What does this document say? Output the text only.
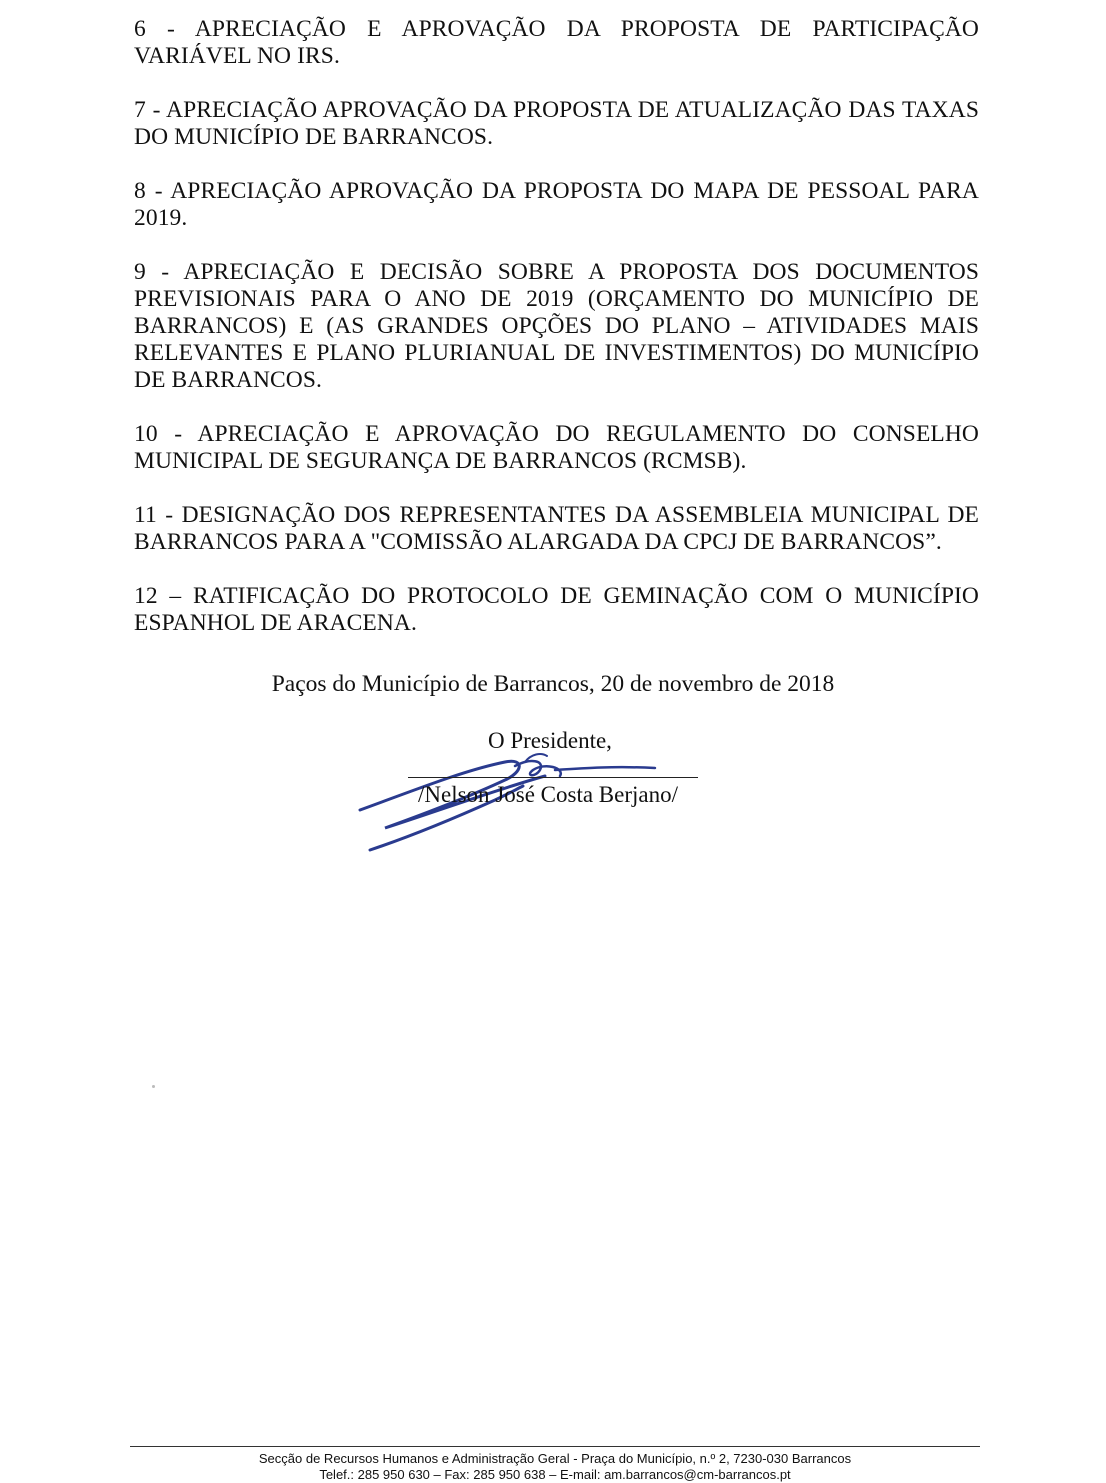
6 - APRECIAÇÃO E APROVAÇÃO DA PROPOSTA DE PARTICIPAÇÃO VARIÁVEL NO IRS.

7 - APRECIAÇÃO APROVAÇÃO DA PROPOSTA DE ATUALIZAÇÃO DAS TAXAS DO MUNICÍPIO DE BARRANCOS.

8 - APRECIAÇÃO APROVAÇÃO DA PROPOSTA DO MAPA DE PESSOAL PARA 2019.

9 - APRECIAÇÃO E DECISÃO SOBRE A PROPOSTA DOS DOCUMENTOS PREVISIONAIS PARA O ANO DE 2019 (ORÇAMENTO DO MUNICÍPIO DE BARRANCOS) E (AS GRANDES OPÇÕES DO PLANO – ATIVIDADES MAIS RELEVANTES E PLANO PLURIANUAL DE INVESTIMENTOS) DO MUNICÍPIO DE BARRANCOS.

10 - APRECIAÇÃO E APROVAÇÃO DO REGULAMENTO DO CONSELHO MUNICIPAL DE SEGURANÇA DE BARRANCOS (RCMSB).

11 - DESIGNAÇÃO DOS REPRESENTANTES DA ASSEMBLEIA MUNICIPAL DE BARRANCOS PARA A "COMISSÃO ALARGADA DA CPCJ DE BARRANCOS”.

12 – RATIFICAÇÃO DO PROTOCOLO DE GEMINAÇÃO COM O MUNICÍPIO ESPANHOL DE ARACENA.

Paços do Município de Barrancos, 20 de novembro de 2018
O Presidente,
/Nelson José Costa Berjano/
Secção de Recursos Humanos e Administração Geral - Praça do Município, n.º 2, 7230-030 Barrancos
Telef.: 285 950 630 – Fax: 285 950 638 – E-mail: am.barrancos@cm-barrancos.pt
